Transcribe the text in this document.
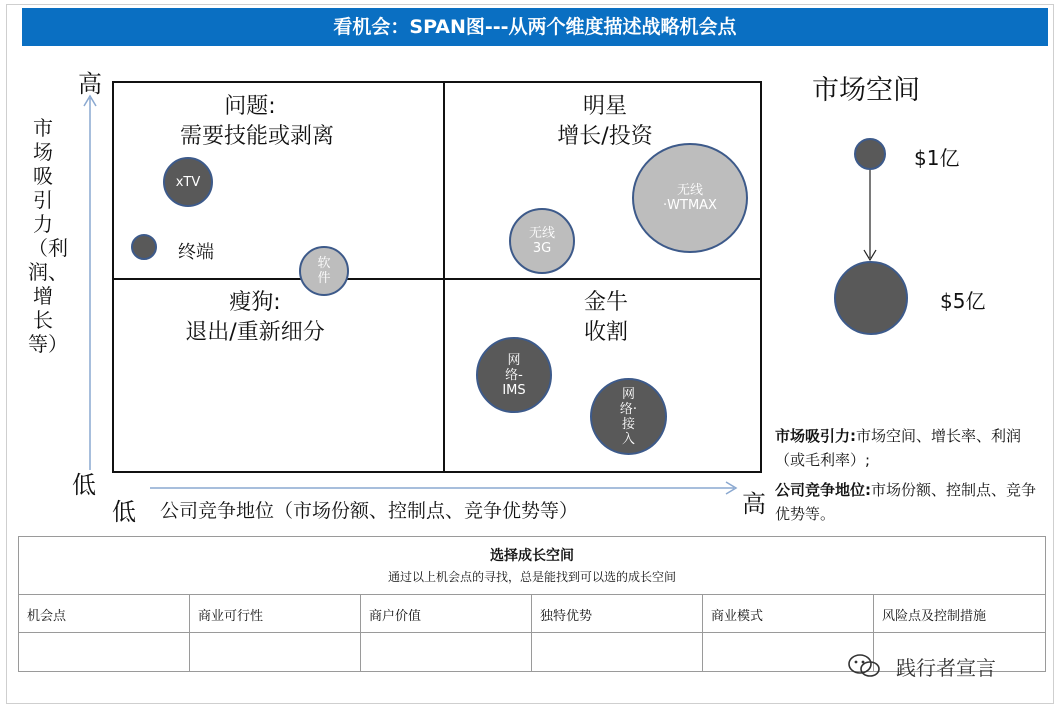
看机会：SPAN图---从两个维度描述战略机会点
高
低
市场吸引力（利润、增长等）
低 公司竞争地位（市场份额、控制点、竞争优势等）	高
问题:
需要技能或剥离
明星
增长/投资
瘦狗:
退出/重新细分
金牛
收割
xTV
终端
软件
无线3G
无线·WTMAX
网络-IMS	网络·接入
市场空间
$1亿
$5亿
市场吸引力:市场空间、增长率、利润（或毛利率）;
公司竞争地位:市场份额、控制点、竞争优势等。
选择成长空间
通过以上机会点的寻找，总是能找到可以选的成长空间
机会点	商业可行性	商户价值	独特优势	商业模式	风险点及控制措施
践行者宣言
